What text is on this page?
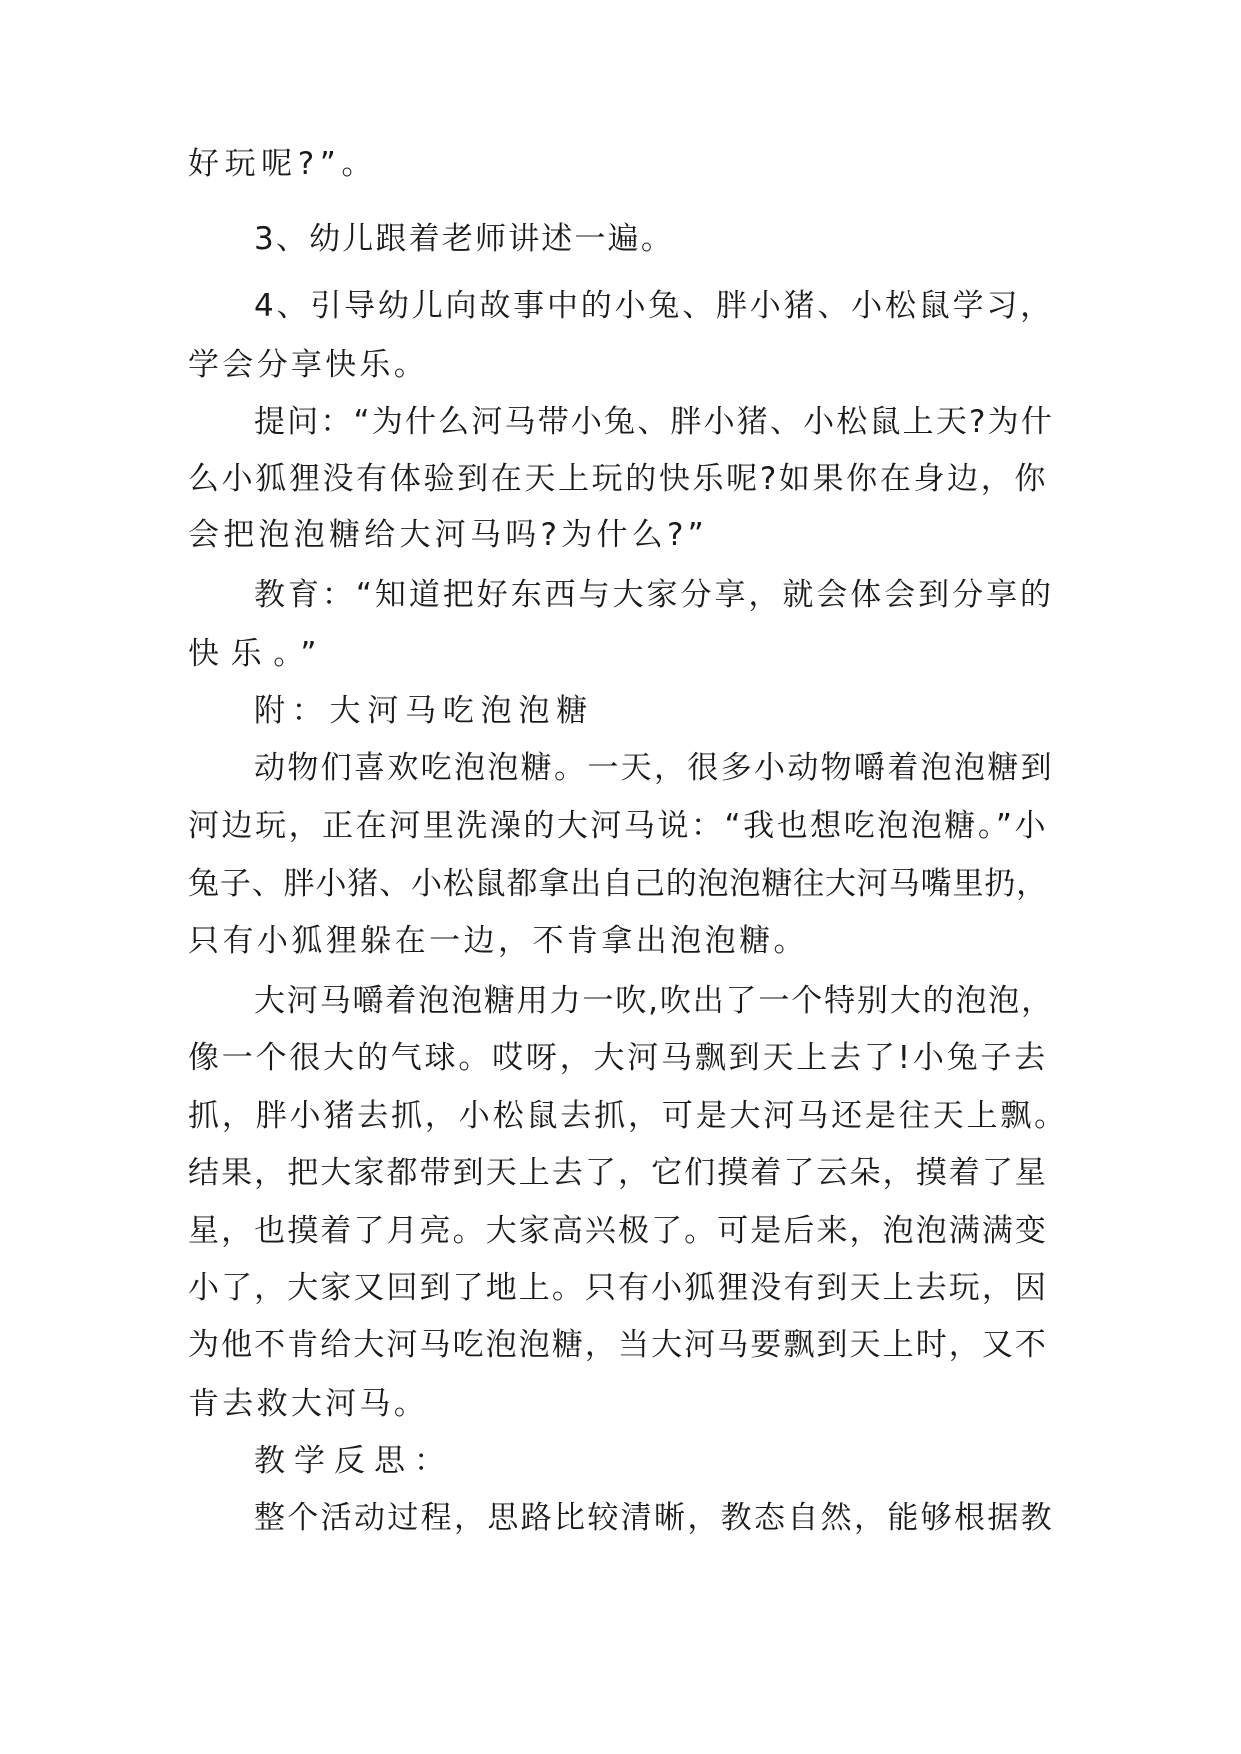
好玩呢?”。
3、幼儿跟着老师讲述一遍。
4、引导幼儿向故事中的小兔、胖小猪、小松鼠学习，
学会分享快乐。
提问：“为什么河马带小兔、胖小猪、小松鼠上天?为什
么小狐狸没有体验到在天上玩的快乐呢?如果你在身边，你
会把泡泡糖给大河马吗?为什么?”
教育：“知道把好东西与大家分享，就会体会到分享的
快乐。”
附：大河马吃泡泡糖
动物们喜欢吃泡泡糖。一天，很多小动物嚼着泡泡糖到
河边玩，正在河里洗澡的大河马说：“我也想吃泡泡糖。”小
兔子、胖小猪、小松鼠都拿出自己的泡泡糖往大河马嘴里扔，
只有小狐狸躲在一边，不肯拿出泡泡糖。
大河马嚼着泡泡糖用力一吹,吹出了一个特别大的泡泡，
像一个很大的气球。哎呀，大河马飘到天上去了!小兔子去
抓，胖小猪去抓，小松鼠去抓，可是大河马还是往天上飘。
结果，把大家都带到天上去了，它们摸着了云朵，摸着了星
星，也摸着了月亮。大家高兴极了。可是后来，泡泡满满变
小了，大家又回到了地上。只有小狐狸没有到天上去玩，因
为他不肯给大河马吃泡泡糖，当大河马要飘到天上时，又不
肯去救大河马。
教学反思：
整个活动过程，思路比较清晰，教态自然，能够根据教
